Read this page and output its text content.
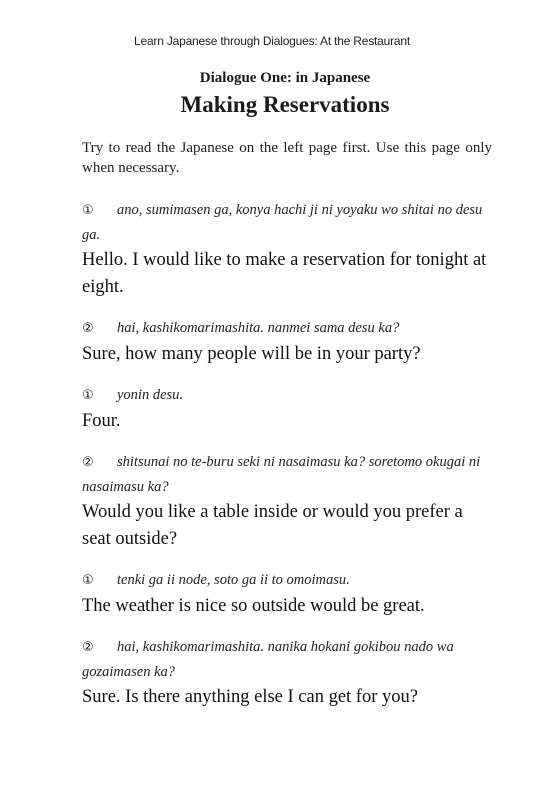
Learn Japanese through Dialogues: At the Restaurant
Dialogue One: in Japanese
Making Reservations
Try to read the Japanese on the left page first. Use this page only when necessary.
① ano, sumimasen ga, konya hachi ji ni yoyaku wo shitai no desu ga.
Hello. I would like to make a reservation for tonight at eight.
② hai, kashikomarimashita. nanmei sama desu ka?
Sure, how many people will be in your party?
① yonin desu.
Four.
② shitsunai no te-buru seki ni nasaimasu ka? soretomo okugai ni nasaimasu ka?
Would you like a table inside or would you prefer a seat outside?
① tenki ga ii node, soto ga ii to omoimasu.
The weather is nice so outside would be great.
② hai, kashikomarimashita. nanika hokani gokibou nado wa gozaimasen ka?
Sure. Is there anything else I can get for you?
